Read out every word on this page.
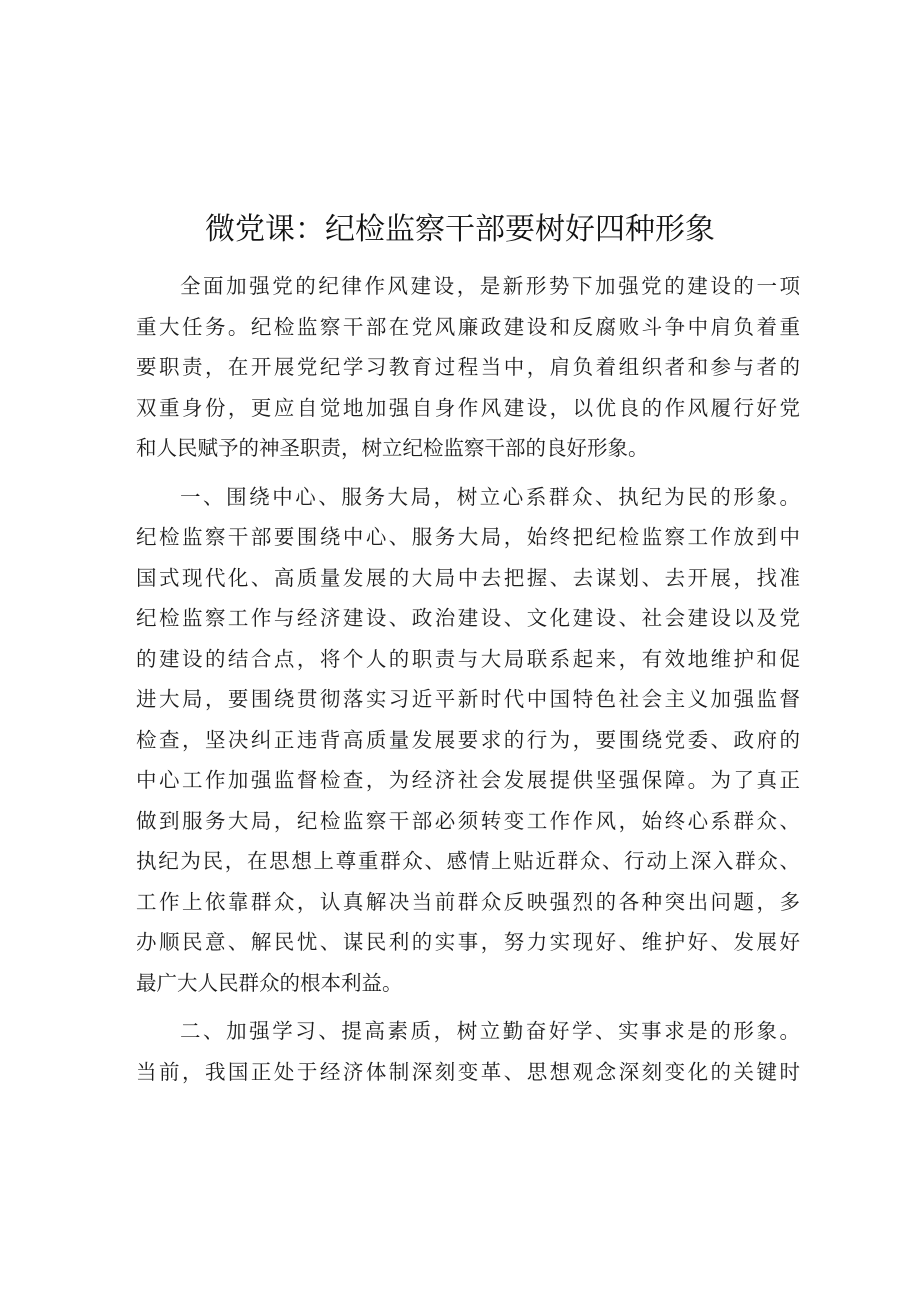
微党课：纪检监察干部要树好四种形象
全面加强党的纪律作风建设，是新形势下加强党的建设的一项
重大任务。纪检监察干部在党风廉政建设和反腐败斗争中肩负着重
要职责，在开展党纪学习教育过程当中，肩负着组织者和参与者的
双重身份，更应自觉地加强自身作风建设，以优良的作风履行好党
和人民赋予的神圣职责，树立纪检监察干部的良好形象。
一、围绕中心、服务大局，树立心系群众、执纪为民的形象。
纪检监察干部要围绕中心、服务大局，始终把纪检监察工作放到中
国式现代化、高质量发展的大局中去把握、去谋划、去开展，找准
纪检监察工作与经济建设、政治建设、文化建设、社会建设以及党
的建设的结合点，将个人的职责与大局联系起来，有效地维护和促
进大局，要围绕贯彻落实习近平新时代中国特色社会主义加强监督
检查，坚决纠正违背高质量发展要求的行为，要围绕党委、政府的
中心工作加强监督检查，为经济社会发展提供坚强保障。为了真正
做到服务大局，纪检监察干部必须转变工作作风，始终心系群众、
执纪为民，在思想上尊重群众、感情上贴近群众、行动上深入群众、
工作上依靠群众，认真解决当前群众反映强烈的各种突出问题，多
办顺民意、解民忧、谋民利的实事，努力实现好、维护好、发展好
最广大人民群众的根本利益。
二、加强学习、提高素质，树立勤奋好学、实事求是的形象。
当前，我国正处于经济体制深刻变革、思想观念深刻变化的关键时
